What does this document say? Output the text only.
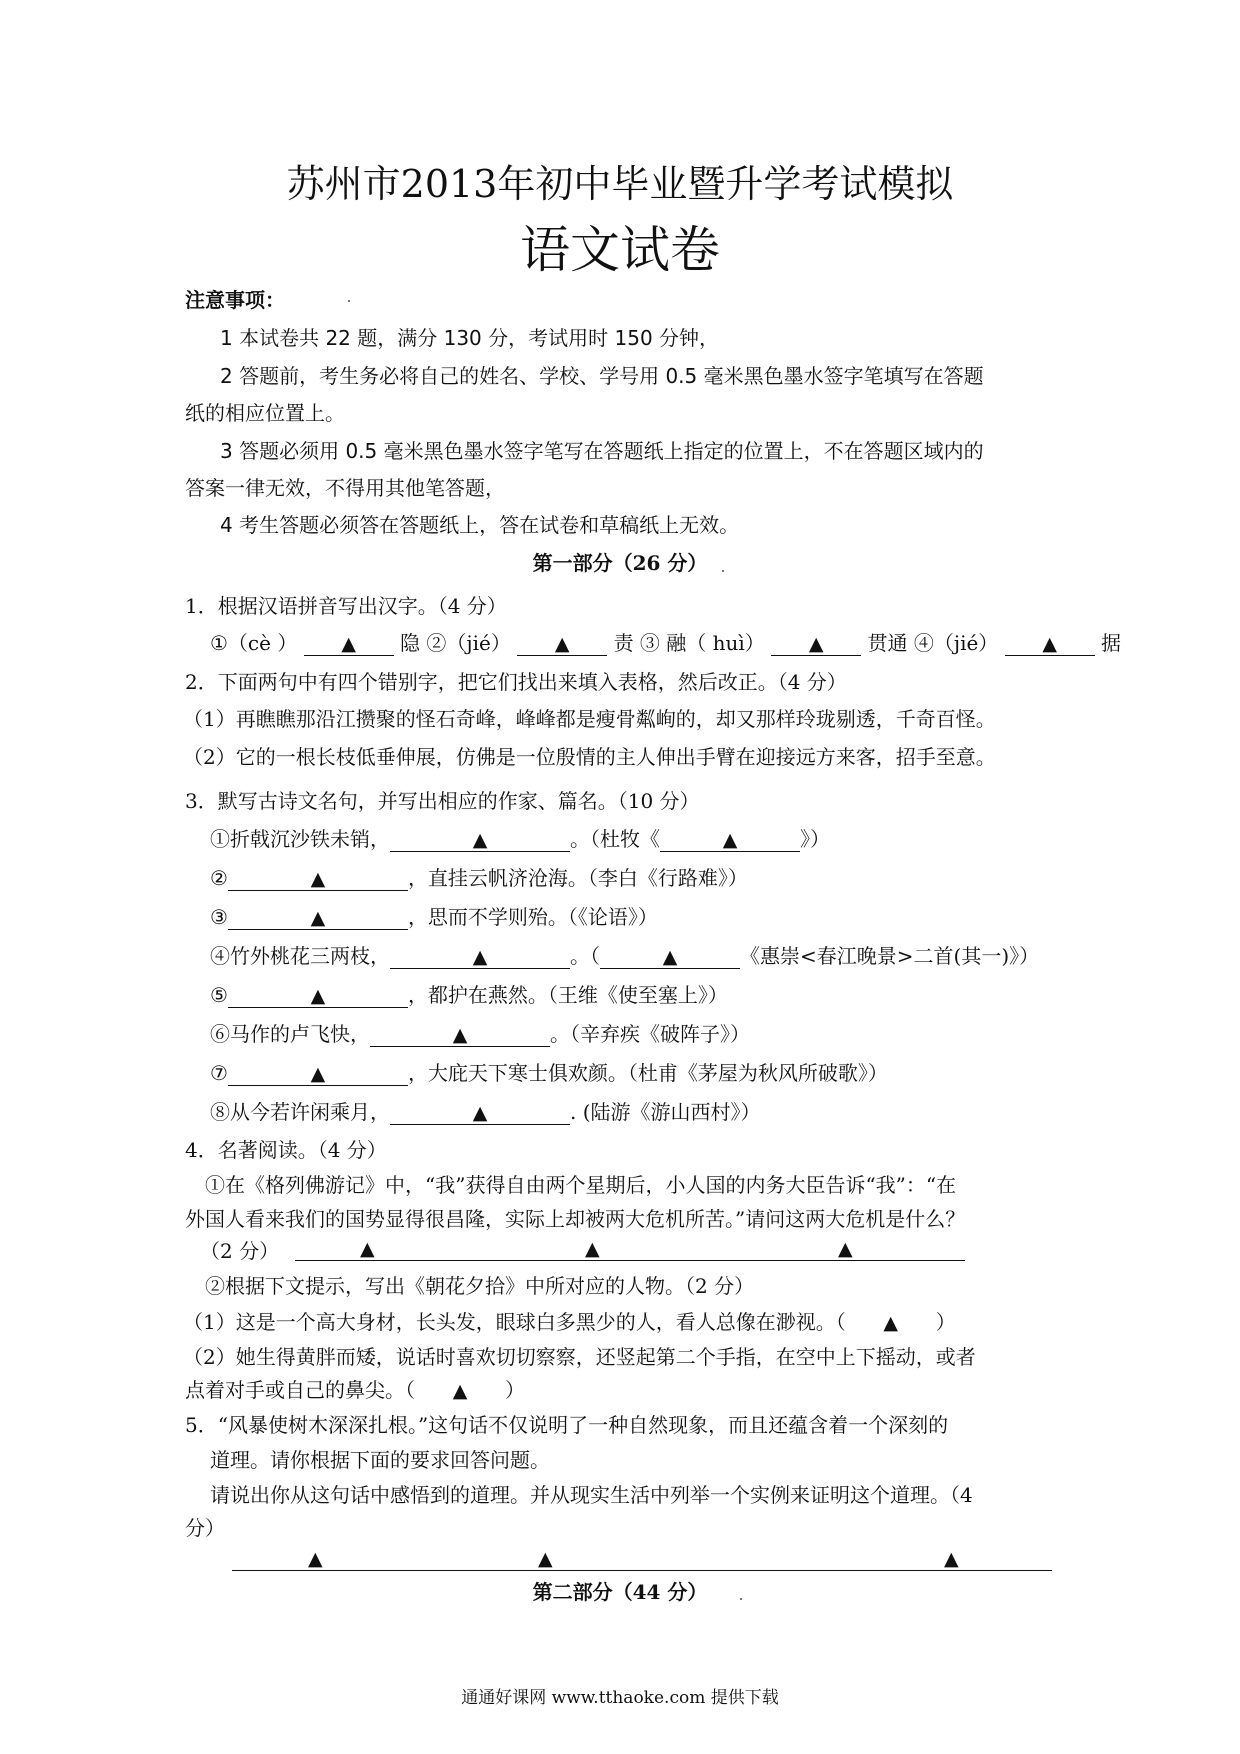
苏州市2013年初中毕业暨升学考试模拟
语文试卷
注意事项：
1 本试卷共 22 题，满分 130 分，考试用时 150 分钟，
2 答题前，考生务必将自己的姓名、学校、学号用 0.5 毫米黑色墨水签字笔填写在答题
纸的相应位置上。
3 答题必须用 0.5 毫米黑色墨水签字笔写在答题纸上指定的位置上，不在答题区域内的
答案一律无效，不得用其他笔答题，
4 考生答题必须答在答题纸上，答在试卷和草稿纸上无效。
第一部分（26 分）
1．根据汉语拼音写出汉字。（4 分）
①（cè ） ▲ 隐 ②（jié） ▲ 责 ③ 融（ huì） ▲ 贯通 ④（jié） ▲ 据
2．下面两句中有四个错别字，把它们找出来填入表格，然后改正。（4 分）
（1）再瞧瞧那沿江攒聚的怪石奇峰，峰峰都是瘦骨粼峋的，却又那样玲珑剔透，千奇百怪。
（2）它的一根长枝低垂伸展，仿佛是一位殷情的主人伸出手臂在迎接远方来客，招手至意。
3．默写古诗文名句，并写出相应的作家、篇名。（10 分）
①折戟沉沙铁未销，	▲	。（杜牧《	▲	》）
②	▲	，直挂云帆济沧海。（李白《行路难》）
③	▲	，思而不学则殆。（《论语》）
④竹外桃花三两枝，	▲	。（	▲	《惠崇<春江晚景>二首(其一)》）
⑤	▲	，都护在燕然。（王维《使至塞上》）
⑥马作的卢飞快，	▲	。（辛弃疾《破阵子》）
⑦	▲	，大庇天下寒士俱欢颜。（杜甫《茅屋为秋风所破歌》）
⑧从今若许闲乘月，	▲	. (陆游《游山西村》）
4．名著阅读。（4 分）
①在《格列佛游记》中，“我”获得自由两个星期后，小人国的内务大臣告诉“我”：“在
外国人看来我们的国势显得很昌隆，实际上却被两大危机所苦。”请问这两大危机是什么？
（2 分）	▲	▲	▲
②根据下文提示，写出《朝花夕拾》中所对应的人物。（2 分）
（1）这是一个高大身材，长头发，眼球白多黑少的人，看人总像在渺视。（ ▲ ）
（2）她生得黄胖而矮，说话时喜欢切切察察，还竖起第二个手指，在空中上下摇动，或者
点着对手或自己的鼻尖。（ ▲ ）
5．“风暴使树木深深扎根。”这句话不仅说明了一种自然现象，而且还蕴含着一个深刻的
道理。请你根据下面的要求回答问题。
请说出你从这句话中感悟到的道理。并从现实生活中列举一个实例来证明这个道理。（4
分）
▲	▲	▲
第二部分（44 分）
通通好课网 www.tthaoke.com 提供下载
